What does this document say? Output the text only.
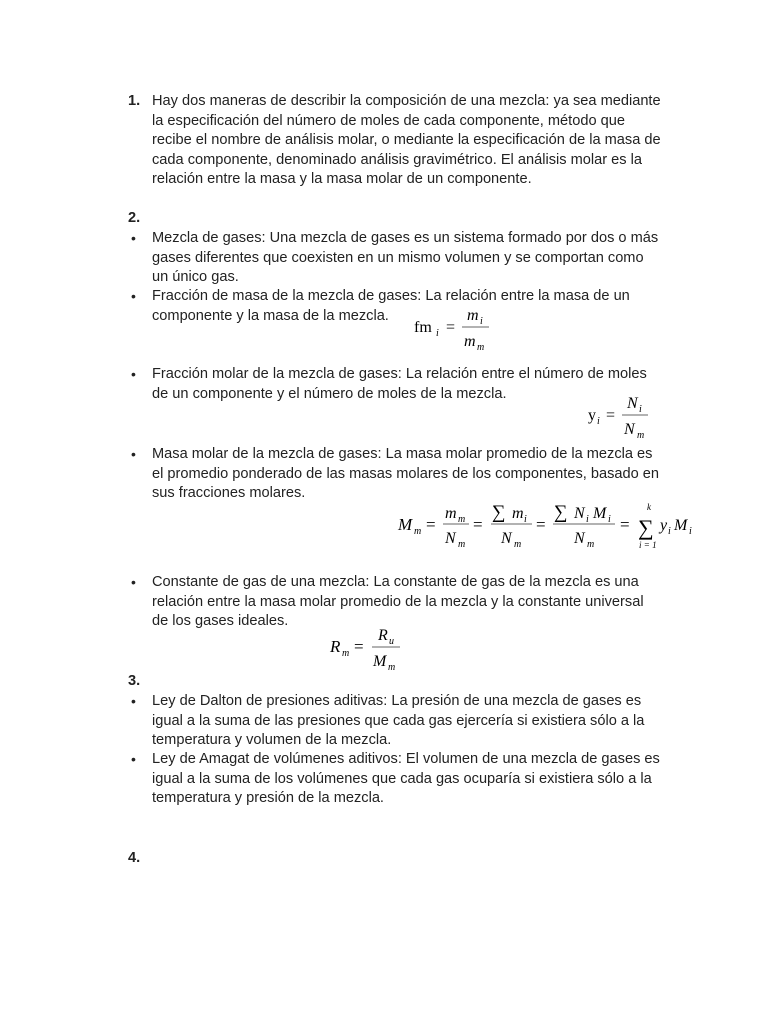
1. Hay dos maneras de describir la composición de una mezcla: ya sea mediante la especificación del número de moles de cada componente, método que recibe el nombre de análisis molar, o mediante la especificación de la masa de cada componente, denominado análisis gravimétrico. El análisis molar es la relación entre la masa y la masa molar de un componente.
2.
• Mezcla de gases: Una mezcla de gases es un sistema formado por dos o más gases diferentes que coexisten en un mismo volumen y se comportan como un único gas.
• Fracción de masa de la mezcla de gases: La relación entre la masa de un componente y la masa de la mezcla.
fm i =
m i
m m
• Fracción molar de la mezcla de gases: La relación entre el número de moles de un componente y el número de moles de la mezcla.
y i =
N i
N m
• Masa molar de la mezcla de gases: La masa molar promedio de la mezcla es el promedio ponderado de las masas molares de los componentes, basado en sus fracciones molares.
M m =
m m
N m
=
∑ m i
N m
=
∑ N i M i
N m
=
k
∑
i = 1
y i M i
• Constante de gas de una mezcla: La constante de gas de la mezcla es una relación entre la masa molar promedio de la mezcla y la constante universal de los gases ideales.
R m =
R u
M m
3.
• Ley de Dalton de presiones aditivas: La presión de una mezcla de gases es igual a la suma de las presiones que cada gas ejercería si existiera sólo a la temperatura y volumen de la mezcla.
• Ley de Amagat de volúmenes aditivos: El volumen de una mezcla de gases es igual a la suma de los volúmenes que cada gas ocuparía si existiera sólo a la temperatura y presión de la mezcla.
4.
